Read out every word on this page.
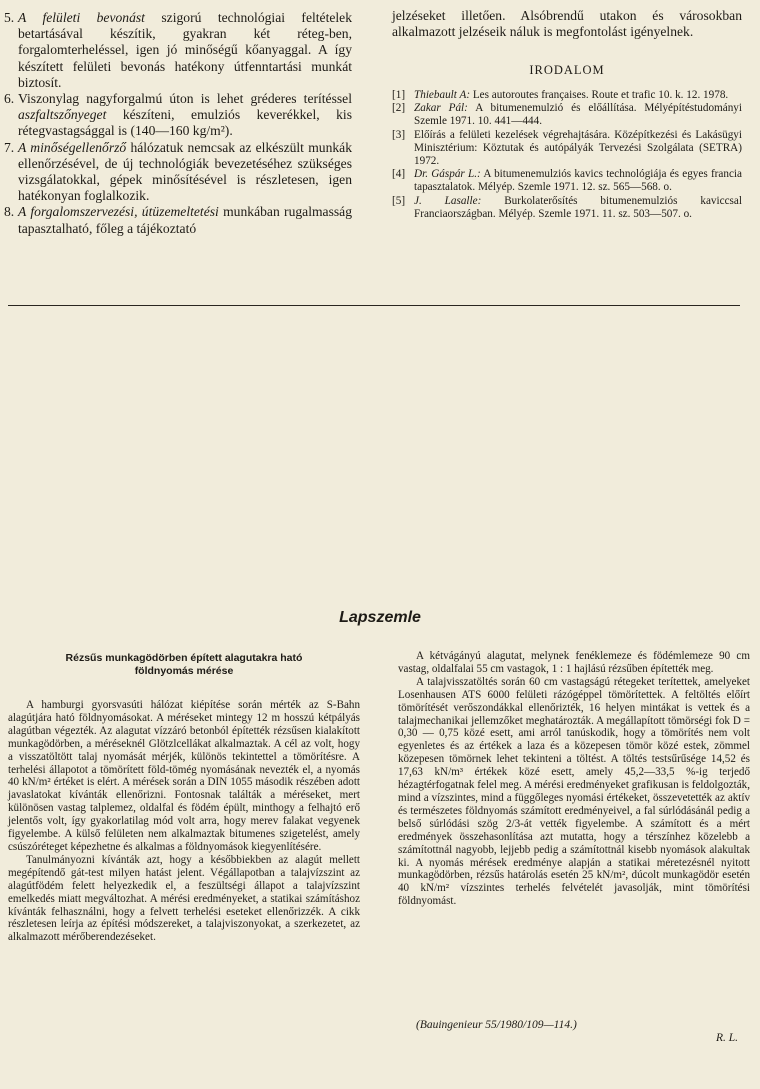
5. A felületi bevonást szigorú technológiai feltételek betartásával készítik, gyakran két réteg-ben, forgalomterheléssel, igen jó minőségű kőanyaggal. A így készített felületi bevonás hatékony útfenntartási munkát biztosít.
6. Viszonylag nagyforgalmú úton is lehet gréderes terítéssel aszfaltszőnyeget készíteni, emulziós keverékkel, kis rétegvastagsággal is (140—160 kg/m²).
7. A minőségellenőrző hálózatuk nemcsak az elkészült munkák ellenőrzésével, de új technológiák bevezetéséhez szükséges vizsgálatokkal, gépek minősítésével is részletesen, igen hatékonyan foglalkozik.
8. A forgalomszervezési, útüzemeltetési munkában rugalmasság tapasztalható, főleg a tájékoztató
jelzéseket illetően. Alsóbrendű utakon és városokban alkalmazott jelzéseik náluk is megfontolást igényelnek.
IRODALOM
[1] Thiebault A: Les autoroutes françaises. Route et trafic 10. k. 12. 1978.
[2] Zakar Pál: A bitumenemulzió és előállítása. Mélyépítéstudományi Szemle 1971. 10. 441—444.
[3] Előírás a felületi kezelések végrehajtására. Középítkezési és Lakásügyi Minisztérium: Köztutak és autópályák Tervezési Szolgálata (SETRA) 1972.
[4] Dr. Gáspár L.: A bitumenemulziós kavics technológiája és egyes francia tapasztalatok. Mélyép. Szemle 1971. 12. sz. 565—568. o.
[5] J. Lasalle: Burkolaterősítés bitumenemulziós kaviccsal Franciaországban. Mélyép. Szemle 1971. 11. sz. 503—507. o.
Lapszemle
Rézsűs munkagödörben épített alagutakra ható
földnyomás mérése

A hamburgi gyorsvasúti hálózat kiépítése során mérték az S-Bahn alagútjára ható földnyomásokat. A méréseket mintegy 12 m hosszú kétpályás alagútban végezték. Az alagutat vízzáró betonból építették rézsűsen kialakított munkagödörben, a méréseknél Glötzlcellákat alkalmaztak. A cél az volt, hogy a visszatöltött talaj nyomását mérjék, különös tekintettel a tömörítésre. A terhelési állapotot a tömörített föld-tömég nyomásának nevezték el, a nyomás 40 kN/m² értéket is elért. A mérések során a DIN 1055 második részében adott javaslatokat kívánták ellenőrizni. Fontosnak találták a méréseket, mert különösen vastag talplemez, oldalfal és födém épült, minthogy a felhajtó erő jelentős volt, így gyakorlatilag mód volt arra, hogy merev falakat vegyenek figyelembe. A külső felületen nem alkalmaztak bitumenes szigetelést, amely csúszóréteget képezhetne és alkalmas a földnyomások kiegyenlítésére.

Tanulmányozni kívánták azt, hogy a későbbiekben az alagút mellett megépítendő gát-test milyen hatást jelent. Végállapotban a talajvízszint az alagútfödém felett helyezkedik el, a feszültségi állapot a talajvízszint emelkedés miatt megváltozhat. A mérési eredményeket, a statikai számításhoz kívánták felhasználni, hogy a felvett terhelési eseteket ellenőrizzék. A cikk részletesen leírja az építési módszereket, a talajviszonyokat, a szerkezetet, az alkalmazott mérőberendezéseket.

A kétvágányú alagutat, melynek fenéklemeze és födémlemeze 90 cm vastag, oldalfalai 55 cm vastagok, 1 : 1 hajlású rézsűben építették meg.

A talajvisszatöltés során 60 cm vastagságú rétegeket terítettek, amelyeket Losenhausen ATS 6000 felületi rázógéppel tömörítettek. A feltöltés előírt tömörítését verőszondákkal ellenőrizték, 16 helyen mintákat is vettek és a talajmechanikai jellemzőket meghatározták. A megállapított tömörségi fok D = 0,30 — 0,75 közé esett, ami arról tanúskodik, hogy a tömörítés nem volt egyenletes és az értékek a laza és a közepesen tömör közé estek, zömmel közepesen tömörnek lehet tekinteni a töltést. A töltés testsűrűsége 14,52 és 17,63 kN/m³ értékek közé esett, amely 45,2—33,5 %-ig terjedő hézagtérfogatnak felel meg. A mérési eredményeket grafikusan is feldolgozták, mind a vízszintes, mind a függőleges nyomási értékeket, összevetették az aktív és természetes földnyomás számított eredményeivel, a fal súrlódásánál pedig a belső súrlódási szög 2/3-át vették figyelembe. A számított és a mért eredmények összehasonlítása azt mutatta, hogy a térszínhez közelebb a számítottnál nagyobb, lejjebb pedig a számítottnál kisebb nyomások alakultak ki. A nyomás mérések eredménye alapján a statikai méretezésnél nyitott munkagödörben, rézsűs határolás esetén 25 kN/m², dúcolt munkagödör esetén 40 kN/m² vízszintes terhelés felvételét javasolják, mint tömörítési földnyomást.

(Bauingenieur 55/1980/109—114.)
R. L.
